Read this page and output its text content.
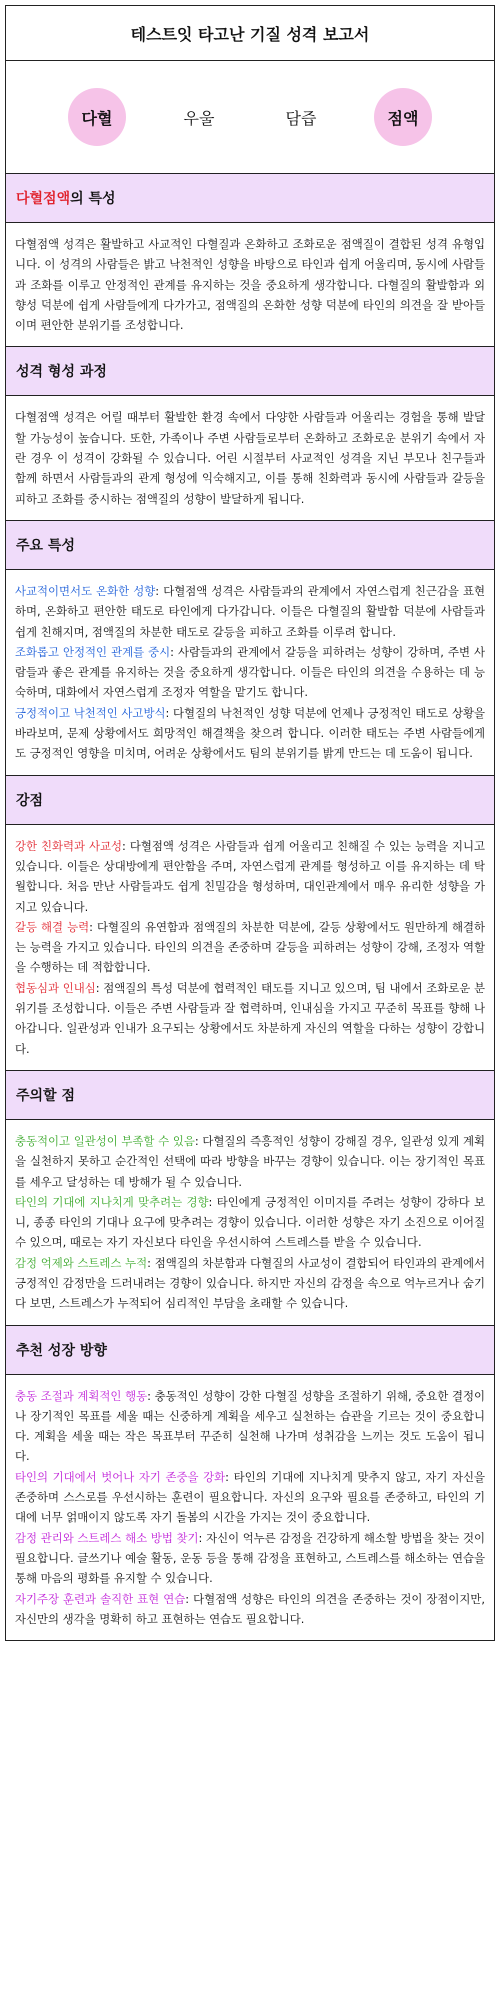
테스트잇 타고난 기질 성격 보고서
다혈	우울	담즙	점액
다혈점액 의 특성
다혈점액 성격은 활발하고 사교적인 다혈질과 온화하고 조화로운 점액질이 결합된 성격 유형입니다. 이 성격의 사람들은 밝고 낙천적인 성향을 바탕으로 타인과 쉽게 어울리며, 동시에 사람들과 조화를 이루고 안정적인 관계를 유지하는 것을 중요하게 생각합니다. 다혈질의 활발함과 외향성 덕분에 쉽게 사람들에게 다가가고, 점액질의 온화한 성향 덕분에 타인의 의견을 잘 받아들이며 편안한 분위기를 조성합니다.
성격 형성 과정
다혈점액 성격은 어릴 때부터 활발한 환경 속에서 다양한 사람들과 어울리는 경험을 통해 발달할 가능성이 높습니다. 또한, 가족이나 주변 사람들로부터 온화하고 조화로운 분위기 속에서 자란 경우 이 성격이 강화될 수 있습니다. 어린 시절부터 사교적인 성격을 지닌 부모나 친구들과 함께 하면서 사람들과의 관계 형성에 익숙해지고, 이를 통해 친화력과 동시에 사람들과 갈등을 피하고 조화를 중시하는 점액질의 성향이 발달하게 됩니다.
주요 특성

사교적이면서도 온화한 성향: 다혈점액 성격은 사람들과의 관계에서 자연스럽게 친근감을 표현하며, 온화하고 편안한 태도로 타인에게 다가갑니다. 이들은 다혈질의 활발함 덕분에 사람들과 쉽게 친해지며, 점액질의 차분한 태도로 갈등을 피하고 조화를 이루려 합니다.

조화롭고 안정적인 관계를 중시: 사람들과의 관계에서 갈등을 피하려는 성향이 강하며, 주변 사람들과 좋은 관계를 유지하는 것을 중요하게 생각합니다. 이들은 타인의 의견을 수용하는 데 능숙하며, 대화에서 자연스럽게 조정자 역할을 맡기도 합니다.

긍정적이고 낙천적인 사고방식: 다혈질의 낙천적인 성향 덕분에 언제나 긍정적인 태도로 상황을 바라보며, 문제 상황에서도 희망적인 해결책을 찾으려 합니다. 이러한 태도는 주변 사람들에게도 긍정적인 영향을 미치며, 어려운 상황에서도 팀의 분위기를 밝게 만드는 데 도움이 됩니다.

강점

강한 친화력과 사교성: 다혈점액 성격은 사람들과 쉽게 어울리고 친해질 수 있는 능력을 지니고 있습니다. 이들은 상대방에게 편안함을 주며, 자연스럽게 관계를 형성하고 이를 유지하는 데 탁월합니다. 처음 만난 사람들과도 쉽게 친밀감을 형성하며, 대인관계에서 매우 유리한 성향을 가지고 있습니다.

갈등 해결 능력: 다혈질의 유연함과 점액질의 차분한 덕분에, 갈등 상황에서도 원만하게 해결하는 능력을 가지고 있습니다. 타인의 의견을 존중하며 갈등을 피하려는 성향이 강해, 조정자 역할을 수행하는 데 적합합니다.

협동심과 인내심: 점액질의 특성 덕분에 협력적인 태도를 지니고 있으며, 팀 내에서 조화로운 분위기를 조성합니다. 이들은 주변 사람들과 잘 협력하며, 인내심을 가지고 꾸준히 목표를 향해 나아갑니다. 일관성과 인내가 요구되는 상황에서도 차분하게 자신의 역할을 다하는 성향이 강합니다.

주의할 점

충동적이고 일관성이 부족할 수 있음: 다혈질의 즉흥적인 성향이 강해질 경우, 일관성 있게 계획을 실천하지 못하고 순간적인 선택에 따라 방향을 바꾸는 경향이 있습니다. 이는 장기적인 목표를 세우고 달성하는 데 방해가 될 수 있습니다.

타인의 기대에 지나치게 맞추려는 경향: 타인에게 긍정적인 이미지를 주려는 성향이 강하다 보니, 종종 타인의 기대나 요구에 맞추려는 경향이 있습니다. 이러한 성향은 자기 소진으로 이어질 수 있으며, 때로는 자기 자신보다 타인을 우선시하여 스트레스를 받을 수 있습니다.

감정 억제와 스트레스 누적: 점액질의 차분함과 다혈질의 사교성이 결합되어 타인과의 관계에서 긍정적인 감정만을 드러내려는 경향이 있습니다. 하지만 자신의 감정을 속으로 억누르거나 숨기다 보면, 스트레스가 누적되어 심리적인 부담을 초래할 수 있습니다.

추천 성장 방향

충동 조절과 계획적인 행동: 충동적인 성향이 강한 다혈질 성향을 조절하기 위해, 중요한 결정이나 장기적인 목표를 세울 때는 신중하게 계획을 세우고 실천하는 습관을 기르는 것이 중요합니다. 계획을 세울 때는 작은 목표부터 꾸준히 실천해 나가며 성취감을 느끼는 것도 도움이 됩니다.

타인의 기대에서 벗어나 자기 존중을 강화: 타인의 기대에 지나치게 맞추지 않고, 자기 자신을 존중하며 스스로를 우선시하는 훈련이 필요합니다. 자신의 요구와 필요를 존중하고, 타인의 기대에 너무 얽매이지 않도록 자기 돌봄의 시간을 가지는 것이 중요합니다.

감정 관리와 스트레스 해소 방법 찾기: 자신이 억누른 감정을 건강하게 해소할 방법을 찾는 것이 필요합니다. 글쓰기나 예술 활동, 운동 등을 통해 감정을 표현하고, 스트레스를 해소하는 연습을 통해 마음의 평화를 유지할 수 있습니다.

자기주장 훈련과 솔직한 표현 연습: 다혈점액 성향은 타인의 의견을 존중하는 것이 장점이지만, 자신만의 생각을 명확히 하고 표현하는 연습도 필요합니다.
